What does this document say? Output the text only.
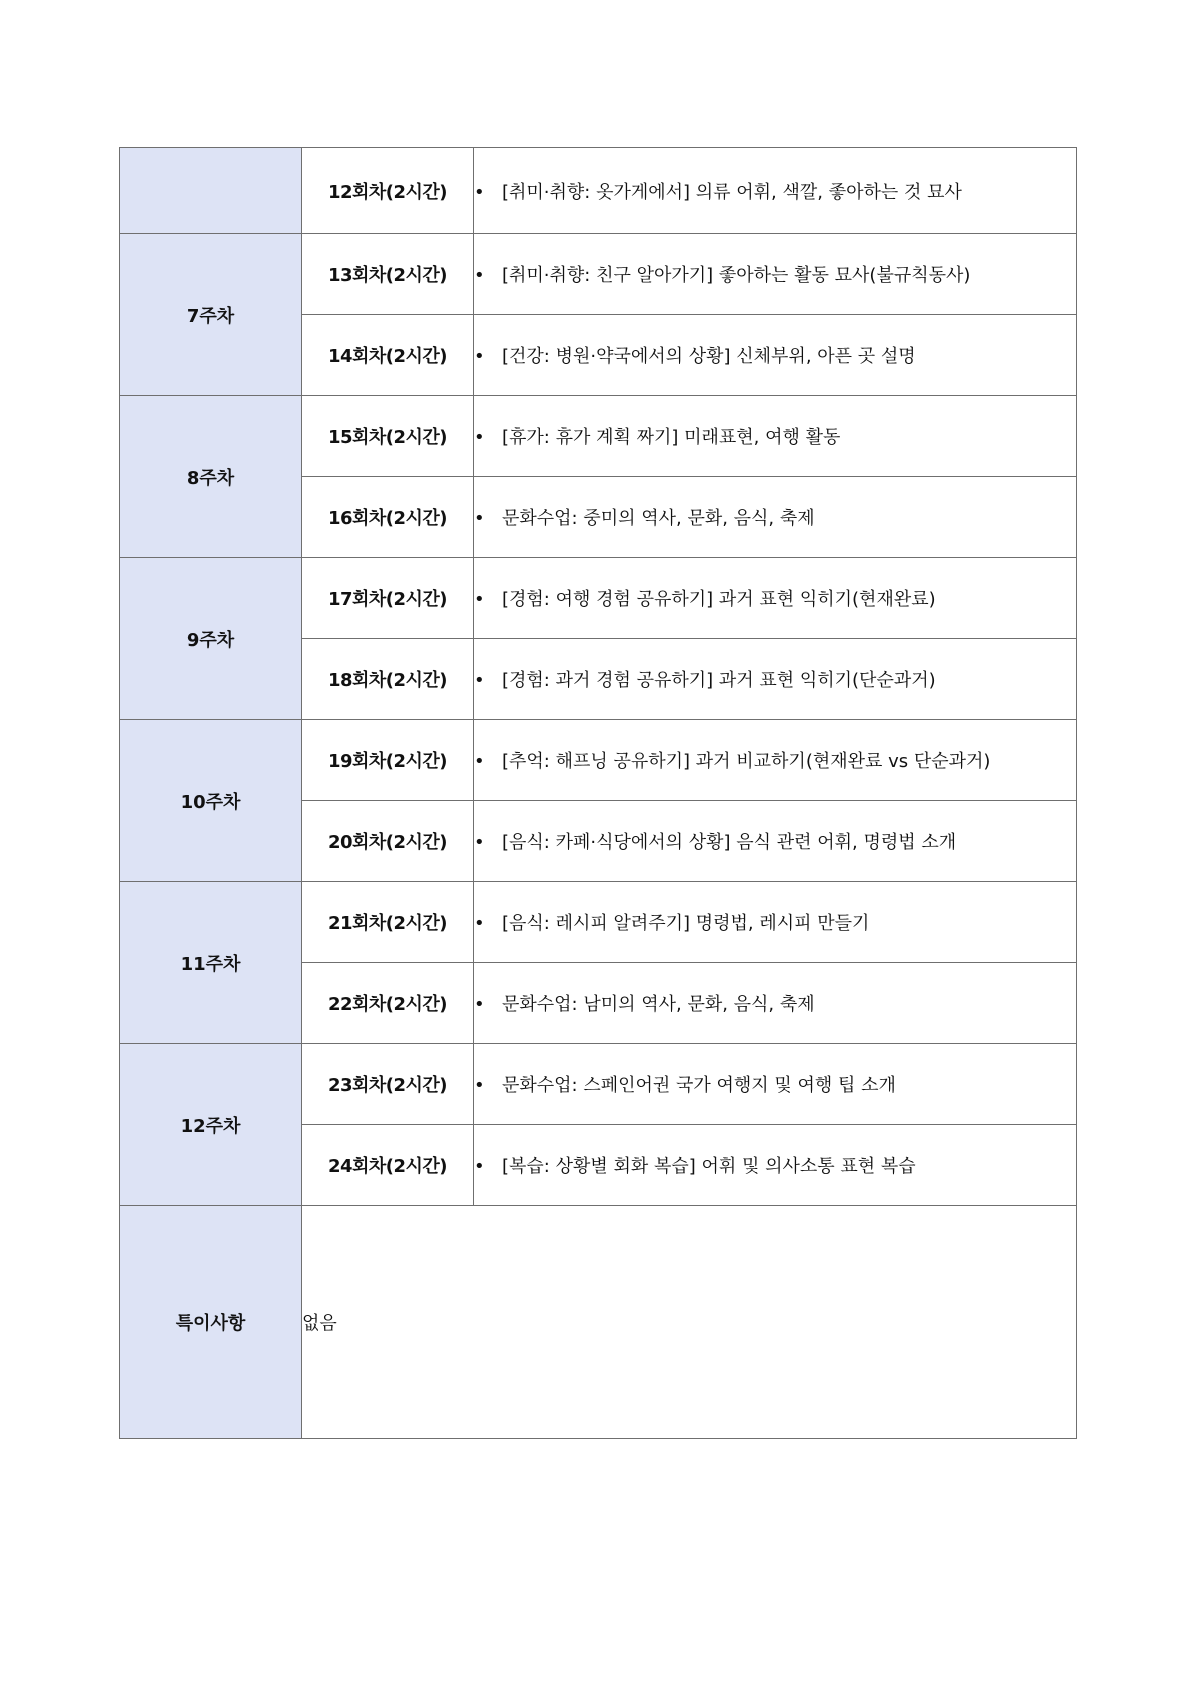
	12회차(2시간)	• [취미·취향: 옷가게에서] 의류 어휘, 색깔, 좋아하는 것 묘사
7주차	13회차(2시간)	• [취미·취향: 친구 알아가기] 좋아하는 활동 묘사(불규칙동사)
	14회차(2시간)	• [건강: 병원·약국에서의 상황] 신체부위, 아픈 곳 설명
8주차	15회차(2시간)	• [휴가: 휴가 계획 짜기] 미래표현, 여행 활동
	16회차(2시간)	• 문화수업: 중미의 역사, 문화, 음식, 축제
9주차	17회차(2시간)	• [경험: 여행 경험 공유하기] 과거 표현 익히기(현재완료)
	18회차(2시간)	• [경험: 과거 경험 공유하기] 과거 표현 익히기(단순과거)
10주차	19회차(2시간)	• [추억: 해프닝 공유하기] 과거 비교하기(현재완료 vs 단순과거)
	20회차(2시간)	• [음식: 카페·식당에서의 상황] 음식 관련 어휘, 명령법 소개
11주차	21회차(2시간)	• [음식: 레시피 알려주기] 명령법, 레시피 만들기
	22회차(2시간)	• 문화수업: 남미의 역사, 문화, 음식, 축제
12주차	23회차(2시간)	• 문화수업: 스페인어권 국가 여행지 및 여행 팁 소개
	24회차(2시간)	• [복습: 상황별 회화 복습] 어휘 및 의사소통 표현 복습
특이사항	없음	
